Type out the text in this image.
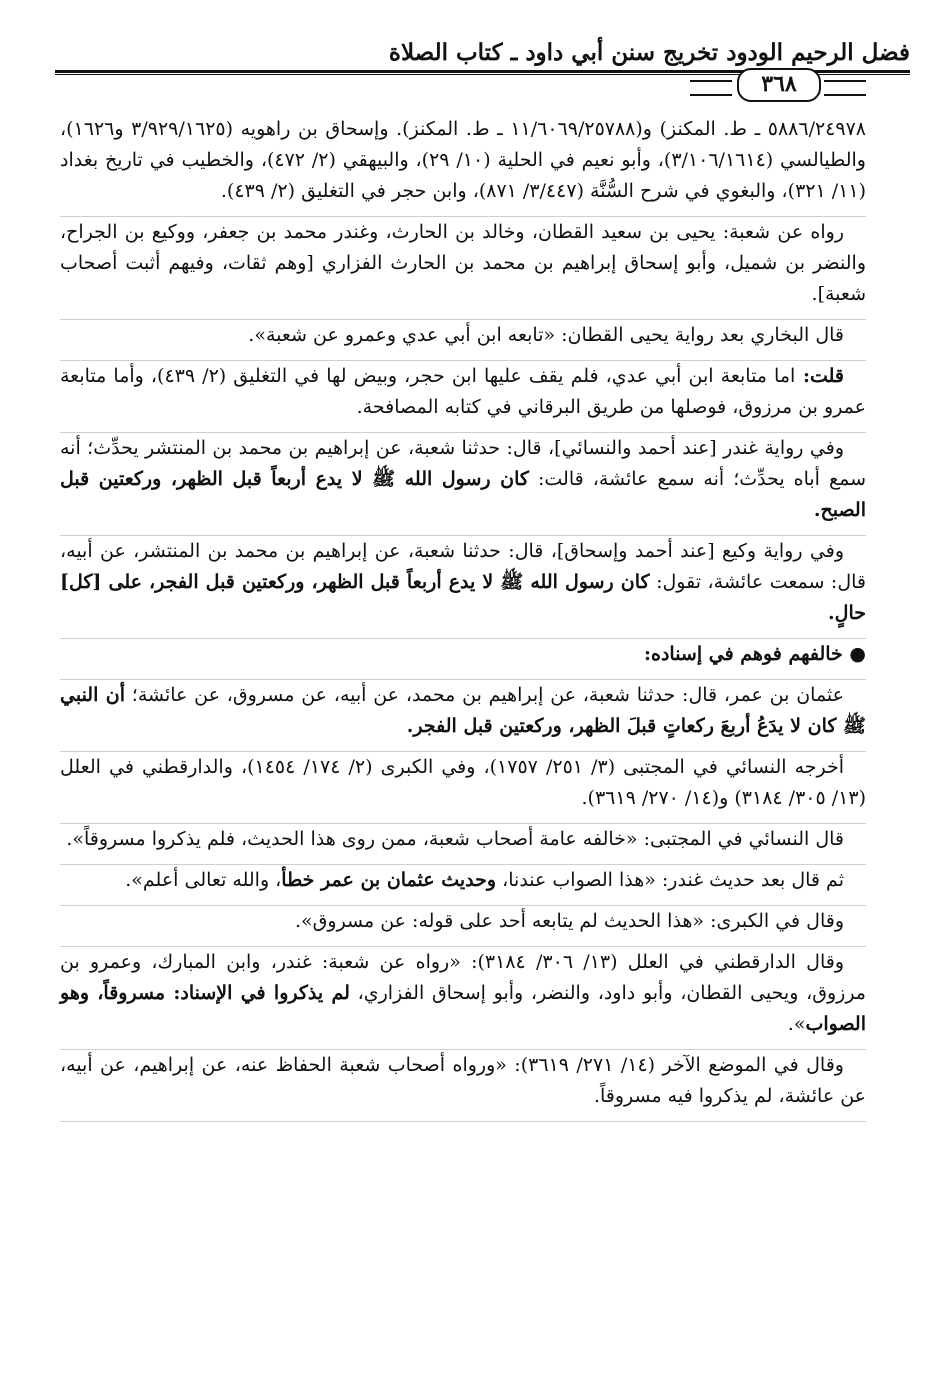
فضل الرحيم الودود تخريج سنن أبي داود ـ كتاب الصلاة
٣٦٨

٥٨٨٦/٢٤٩٧٨ ـ ط. المكنز) و(١١/٦٠٦٩/٢٥٧٨٨ ـ ط. المكنز). وإسحاق بن راهويه (٣/٩٢٩/١٦٢٥ و١٦٢٦)، والطيالسي (٣/١٠٦/١٦١٤)، وأبو نعيم في الحلية (١٠/ ٢٩)، والبيهقي (٢/ ٤٧٢)، والخطيب في تاريخ بغداد (١١/ ٣٢١)، والبغوي في شرح السُّنَّة (٣/٤٤٧/ ٨٧١)، وابن حجر في التغليق (٢/ ٤٣٩).

رواه عن شعبة: يحيى بن سعيد القطان، وخالد بن الحارث، وغندر محمد بن جعفر، ووكيع بن الجراح، والنضر بن شميل، وأبو إسحاق إبراهيم بن محمد بن الحارث الفزاري [وهم ثقات، وفيهم أثبت أصحاب شعبة].

قال البخاري بعد رواية يحيى القطان: «تابعه ابن أبي عدي وعمرو عن شعبة».

قلت: اما متابعة ابن أبي عدي، فلم يقف عليها ابن حجر، وبيض لها في التغليق (٢/ ٤٣٩)، وأما متابعة عمرو بن مرزوق، فوصلها من طريق البرقاني في كتابه المصافحة.

وفي رواية غندر [عند أحمد والنسائي]، قال: حدثنا شعبة، عن إبراهيم بن محمد بن المنتشر يحدِّث؛ أنه سمع أباه يحدِّث؛ أنه سمع عائشة، قالت: كان رسول الله ﷺ لا يدع أربعاً قبل الظهر، وركعتين قبل الصبح.

وفي رواية وكيع [عند أحمد وإسحاق]، قال: حدثنا شعبة، عن إبراهيم بن محمد بن المنتشر، عن أبيه، قال: سمعت عائشة، تقول: كان رسول الله ﷺ لا يدع أربعاً قبل الظهر، وركعتين قبل الفجر، على [كل] حالٍ.

● خالفهم فوهم في إسناده:

عثمان بن عمر، قال: حدثنا شعبة، عن إبراهيم بن محمد، عن أبيه، عن مسروق، عن عائشة؛ أن النبي ﷺ كان لا يدَعُ أربعَ ركعاتٍ قبلَ الظهر، وركعتين قبل الفجر.

أخرجه النسائي في المجتبى (٣/ ٢٥١/ ١٧٥٧)، وفي الكبرى (٢/ ١٧٤/ ١٤٥٤)، والدارقطني في العلل (١٣/ ٣٠٥/ ٣١٨٤) و(١٤/ ٢٧٠/ ٣٦١٩).

قال النسائي في المجتبى: «خالفه عامة أصحاب شعبة، ممن روى هذا الحديث، فلم يذكروا مسروقاً».

ثم قال بعد حديث غندر: «هذا الصواب عندنا، وحديث عثمان بن عمر خطأ، والله تعالى أعلم».

وقال في الكبرى: «هذا الحديث لم يتابعه أحد على قوله: عن مسروق».

وقال الدارقطني في العلل (١٣/ ٣٠٦/ ٣١٨٤): «رواه عن شعبة: غندر، وابن المبارك، وعمرو بن مرزوق، ويحيى القطان، وأبو داود، والنضر، وأبو إسحاق الفزاري، لم يذكروا في الإسناد: مسروقاً، وهو الصواب».

وقال في الموضع الآخر (١٤/ ٢٧١/ ٣٦١٩): «ورواه أصحاب شعبة الحفاظ عنه، عن إبراهيم، عن أبيه، عن عائشة، لم يذكروا فيه مسروقاً.
